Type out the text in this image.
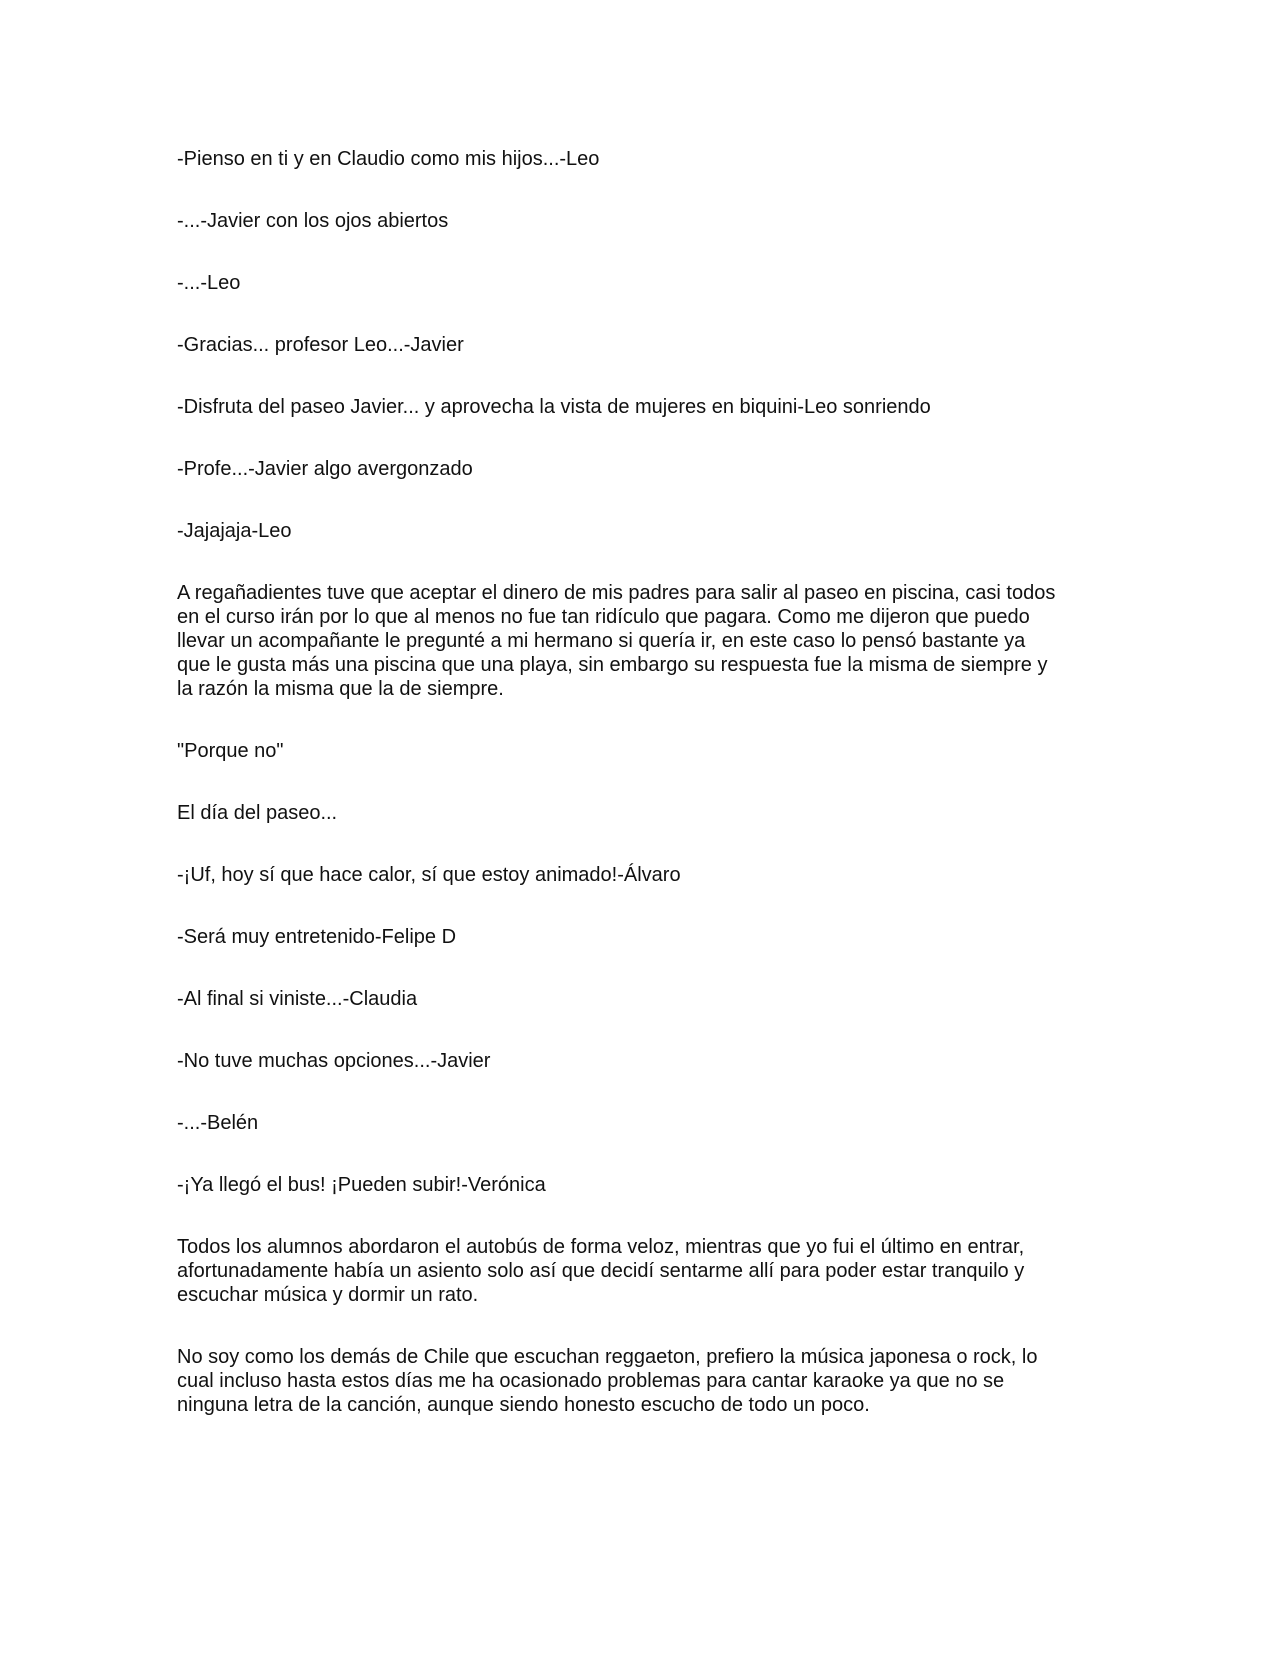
-Pienso en ti y en Claudio como mis hijos...-Leo

-...-Javier con los ojos abiertos

-...-Leo

-Gracias... profesor Leo...-Javier

-Disfruta del paseo Javier... y aprovecha la vista de mujeres en biquini-Leo sonriendo

-Profe...-Javier algo avergonzado

-Jajajaja-Leo

A regañadientes tuve que aceptar el dinero de mis padres para salir al paseo en piscina, casi todos
en el curso irán por lo que al menos no fue tan ridículo que pagara. Como me dijeron que puedo
llevar un acompañante le pregunté a mi hermano si quería ir, en este caso lo pensó bastante ya
que le gusta más una piscina que una playa, sin embargo su respuesta fue la misma de siempre y
la razón la misma que la de siempre.

"Porque no"

El día del paseo...

-¡Uf, hoy sí que hace calor, sí que estoy animado!-Álvaro

-Será muy entretenido-Felipe D

-Al final si viniste...-Claudia

-No tuve muchas opciones...-Javier

-...-Belén

-¡Ya llegó el bus! ¡Pueden subir!-Verónica

Todos los alumnos abordaron el autobús de forma veloz, mientras que yo fui el último en entrar,
afortunadamente había un asiento solo así que decidí sentarme allí para poder estar tranquilo y
escuchar música y dormir un rato.

No soy como los demás de Chile que escuchan reggaeton, prefiero la música japonesa o rock, lo
cual incluso hasta estos días me ha ocasionado problemas para cantar karaoke ya que no se
ninguna letra de la canción, aunque siendo honesto escucho de todo un poco.
